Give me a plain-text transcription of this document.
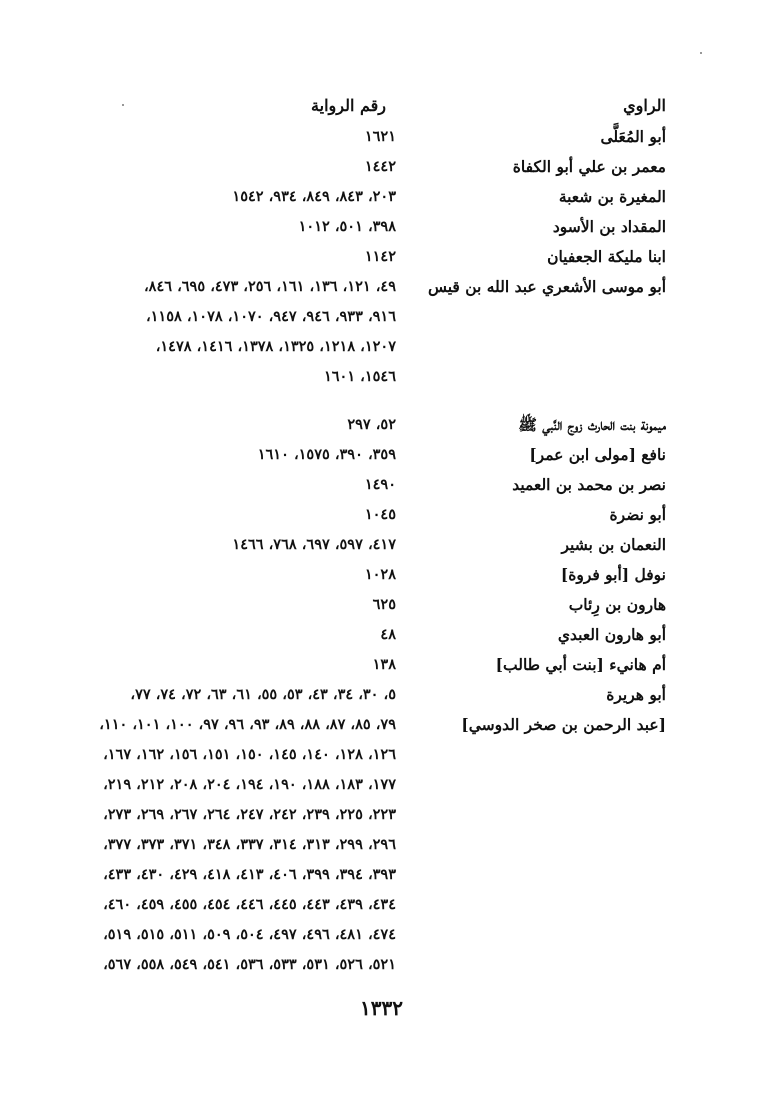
الراوي
رقم الرواية
أبو المُعَلَّى
١٦٢١
معمر بن علي أبو الكفاة
١٤٤٢
المغيرة بن شعبة
٢٠٣، ٨٤٣، ٨٤٩، ٩٣٤، ١٥٤٢
المقداد بن الأسود
٣٩٨، ٥٠١، ١٠١٢
ابنا مليكة الجعفيان
١١٤٢
أبو موسى الأشعري عبد الله بن قيس
٤٩، ١٢١، ١٣٦، ١٦١، ٢٥٦، ٤٧٣، ٦٩٥، ٨٤٦،
٩١٦، ٩٣٣، ٩٤٦، ٩٤٧، ١٠٧٠، ١٠٧٨، ١١٥٨،
١٢٠٧، ١٢١٨، ١٣٢٥، ١٣٧٨، ١٤١٦، ١٤٧٨،
١٥٤٦، ١٦٠١
ميمونة بنت الحارث زوج النَّبي ﷺ
٥٢، ٢٩٧
نافع [مولى ابن عمر]
٣٥٩، ٣٩٠، ١٥٧٥، ١٦١٠
نصر بن محمد بن العميد
١٤٩٠
أبو نضرة
١٠٤٥
النعمان بن بشير
٤١٧، ٥٩٧، ٦٩٧، ٧٦٨، ١٤٦٦
نوفل [أبو فروة]
١٠٢٨
هارون بن رِئاب
٦٢٥
أبو هارون العبدي
٤٨
أم هانيء [بنت أبي طالب]
١٣٨
أبو هريرة
٥، ٣٠، ٣٤، ٤٣، ٥٣، ٥٥، ٦١، ٦٣، ٧٢، ٧٤، ٧٧،
[عبد الرحمن بن صخر الدوسي]
٧٩، ٨٥، ٨٧، ٨٨، ٨٩، ٩٣، ٩٦، ٩٧، ١٠٠، ١٠١، ١١٠،
١٢٦، ١٢٨، ١٤٠، ١٤٥، ١٥٠، ١٥١، ١٥٦، ١٦٢، ١٦٧،
١٧٧، ١٨٣، ١٨٨، ١٩٠، ١٩٤، ٢٠٤، ٢٠٨، ٢١٢، ٢١٩،
٢٢٣، ٢٢٥، ٢٣٩، ٢٤٢، ٢٤٧، ٢٦٤، ٢٦٧، ٢٦٩، ٢٧٣،
٢٩٦، ٢٩٩، ٣١٣، ٣١٤، ٣٣٧، ٣٤٨، ٣٧١، ٣٧٣، ٣٧٧،
٣٩٣، ٣٩٤، ٣٩٩، ٤٠٦، ٤١٣، ٤١٨، ٤٢٩، ٤٣٠، ٤٣٣،
٤٣٤، ٤٣٩، ٤٤٣، ٤٤٥، ٤٤٦، ٤٥٤، ٤٥٥، ٤٥٩، ٤٦٠،
٤٧٤، ٤٨١، ٤٩٦، ٤٩٧، ٥٠٤، ٥٠٩، ٥١١، ٥١٥، ٥١٩،
٥٢١، ٥٢٦، ٥٣١، ٥٣٣، ٥٣٦، ٥٤١، ٥٤٩، ٥٥٨، ٥٦٧،
١٣٣٢
